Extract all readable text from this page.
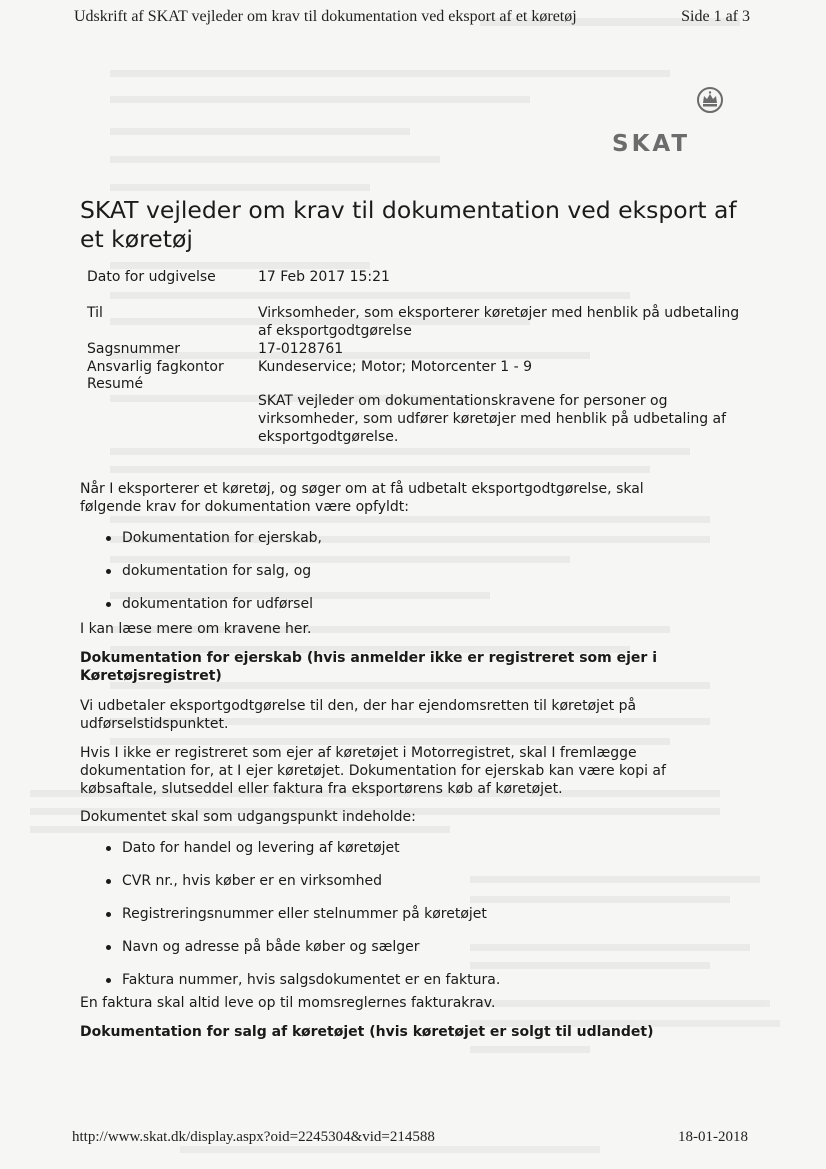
Udskrift af SKAT vejleder om krav til dokumentation ved eksport af et køretøj	Side 1 af 3
SKAT
SKAT vejleder om krav til dokumentation ved eksport af et køretøj
Dato for udgivelse	17 Feb 2017 15:21
Til	Virksomheder, som eksporterer køretøjer med henblik på udbetaling af eksportgodtgørelse
Sagsnummer	17-0128761
Ansvarlig fagkontor	Kundeservice; Motor; Motorcenter 1 - 9
Resumé
SKAT vejleder om dokumentationskravene for personer og virksomheder, som udfører køretøjer med henblik på udbetaling af eksportgodtgørelse.

Når I eksporterer et køretøj, og søger om at få udbetalt eksportgodtgørelse, skal følgende krav for dokumentation være opfyldt:

Dokumentation for ejerskab,
dokumentation for salg, og
dokumentation for udførsel

I kan læse mere om kravene her.

Dokumentation for ejerskab (hvis anmelder ikke er registreret som ejer i Køretøjsregistret)

Vi udbetaler eksportgodtgørelse til den, der har ejendomsretten til køretøjet på udførselstidspunktet.

Hvis I ikke er registreret som ejer af køretøjet i Motorregistret, skal I fremlægge dokumentation for, at I ejer køretøjet. Dokumentation for ejerskab kan være kopi af købsaftale, slutseddel eller faktura fra eksportørens køb af køretøjet.

Dokumentet skal som udgangspunkt indeholde:

Dato for handel og levering af køretøjet
CVR nr., hvis køber er en virksomhed
Registreringsnummer eller stelnummer på køretøjet
Navn og adresse på både køber og sælger
Faktura nummer, hvis salgsdokumentet er en faktura.

En faktura skal altid leve op til momsreglernes fakturakrav.

Dokumentation for salg af køretøjet (hvis køretøjet er solgt til udlandet)

http://www.skat.dk/display.aspx?oid=2245304&vid=214588	18-01-2018
